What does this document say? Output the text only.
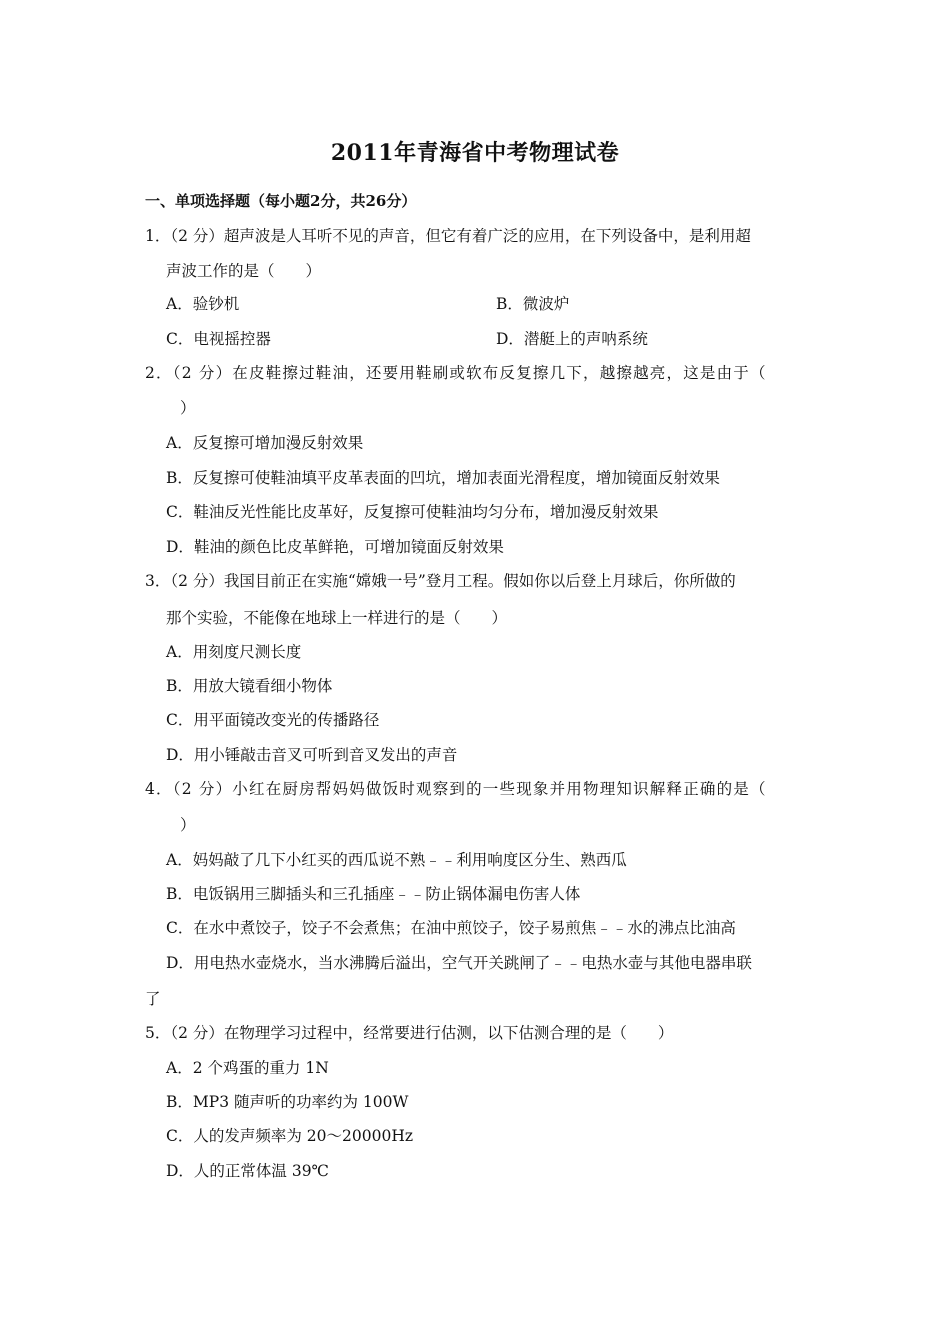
2011年青海省中考物理试卷
一、单项选择题（每小题2分，共26分）
1．（2 分）超声波是人耳听不见的声音，但它有着广泛的应用，在下列设备中，是利用超
声波工作的是（　　）
A．验钞机	B．微波炉
C．电视摇控器	D．潜艇上的声呐系统
2．（2 分）在皮鞋擦过鞋油，还要用鞋刷或软布反复擦几下，越擦越亮，这是由于（
）
A．反复擦可增加漫反射效果
B．反复擦可使鞋油填平皮革表面的凹坑，增加表面光滑程度，增加镜面反射效果
C．鞋油反光性能比皮革好，反复擦可使鞋油均匀分布，增加漫反射效果
D．鞋油的颜色比皮革鲜艳，可增加镜面反射效果
3．（2 分）我国目前正在实施“嫦娥一号”登月工程。假如你以后登上月球后，你所做的
那个实验，不能像在地球上一样进行的是（　　）
A．用刻度尺测长度
B．用放大镜看细小物体
C．用平面镜改变光的传播路径
D．用小锤敲击音叉可听到音叉发出的声音
4．（2 分）小红在厨房帮妈妈做饭时观察到的一些现象并用物理知识解释正确的是（
）
A．妈妈敲了几下小红买的西瓜说不熟﹣﹣利用响度区分生、熟西瓜
B．电饭锅用三脚插头和三孔插座﹣﹣防止锅体漏电伤害人体
C．在水中煮饺子，饺子不会煮焦；在油中煎饺子，饺子易煎焦﹣﹣水的沸点比油高
D．用电热水壶烧水，当水沸腾后溢出，空气开关跳闸了﹣﹣电热水壶与其他电器串联
了
5．（2 分）在物理学习过程中，经常要进行估测，以下估测合理的是（　　）
A．2 个鸡蛋的重力 1N
B．MP3 随声听的功率约为 100W
C．人的发声频率为 20～20000Hz
D．人的正常体温 39℃
